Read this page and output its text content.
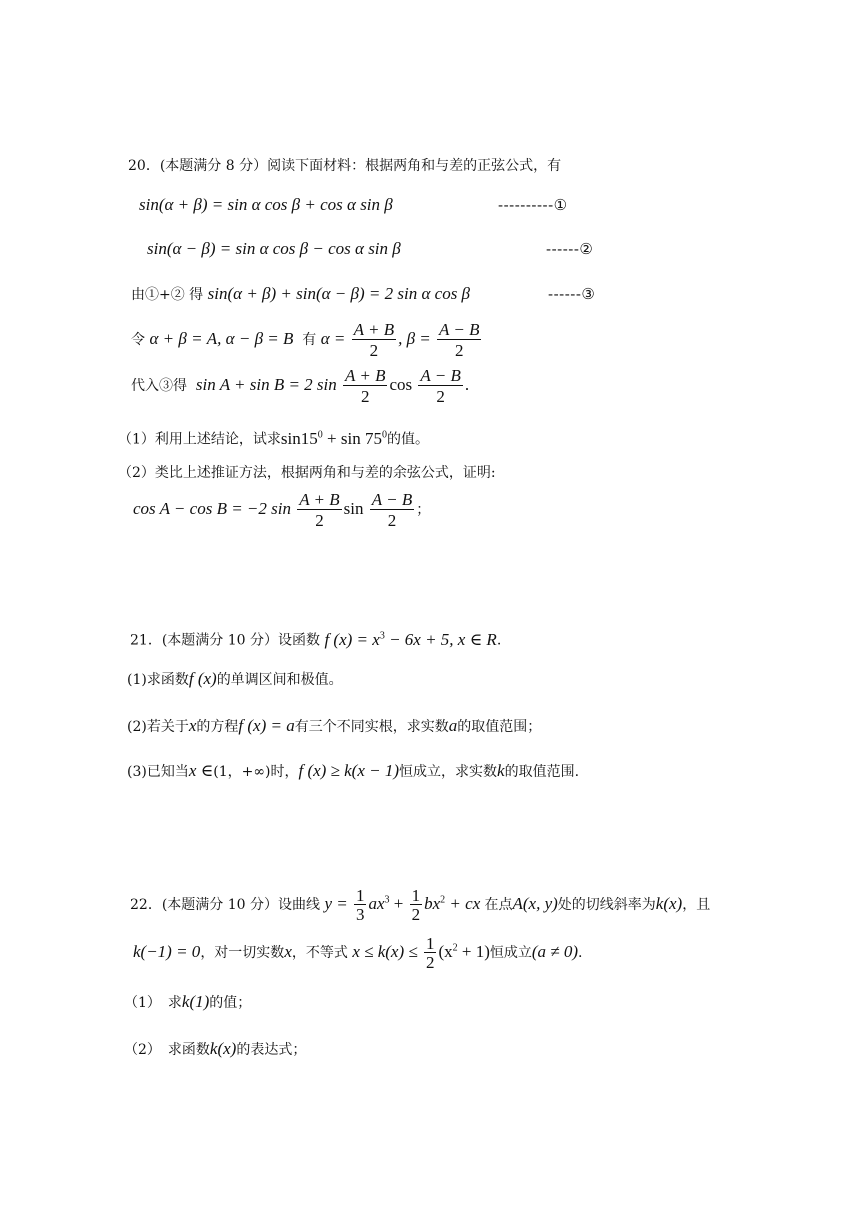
20．(本题满分 8 分）阅读下面材料：根据两角和与差的正弦公式，有
sin(α + β) = sin α cos β + cos α sin β	----------①
sin(α − β) = sin α cos β − cos α sin β	------②
由①+② 得 sin(α + β) + sin(α − β) = 2 sin α cos β	------③
令 α + β = A, α − β = B 有 $\alpha = \frac{A + B}{2}$ , $\beta = \frac{A - B}{2}$
代入③得 sin A + sin B = 2 $\sin \frac{A + B}{2}$ $\cos \frac{A - B}{2}$ .
（1）利用上述结论，试求$\sin 15^0 + \sin 75^0$的值。
（2）类比上述推证方法，根据两角和与差的余弦公式，证明:
cos A − cos B = −2 $\sin \frac{A + B}{2}$ $\sin \frac{A - B}{2}$ ；
21．(本题满分 10 分）设函数 f $(x) = x^3 - 6x + 5$, x ∈ R.
(1)求函数f (x)的单调区间和极值。
(2)若关于x的方程f (x) = a有三个不同实根，求实数a的取值范围；
(3)已知当x ∈(1，+∞)时，f (x) ≥ k(x − 1)恒成立，求实数k的取值范围.
22．(本题满分 10 分）设曲线 $y = \frac{1}{3} ax^3 + \frac{1}{2} bx^2$ + cx 在点A(x, y)处的切线斜率为k(x)，且
k(−1) = 0，对一切实数x，不等式 $x \le k(x) \le \frac{1}{2} (x^2 + 1)$恒成立(a ≠ 0).
（1）　求k(1)的值；
（2）　求函数k(x)的表达式；
